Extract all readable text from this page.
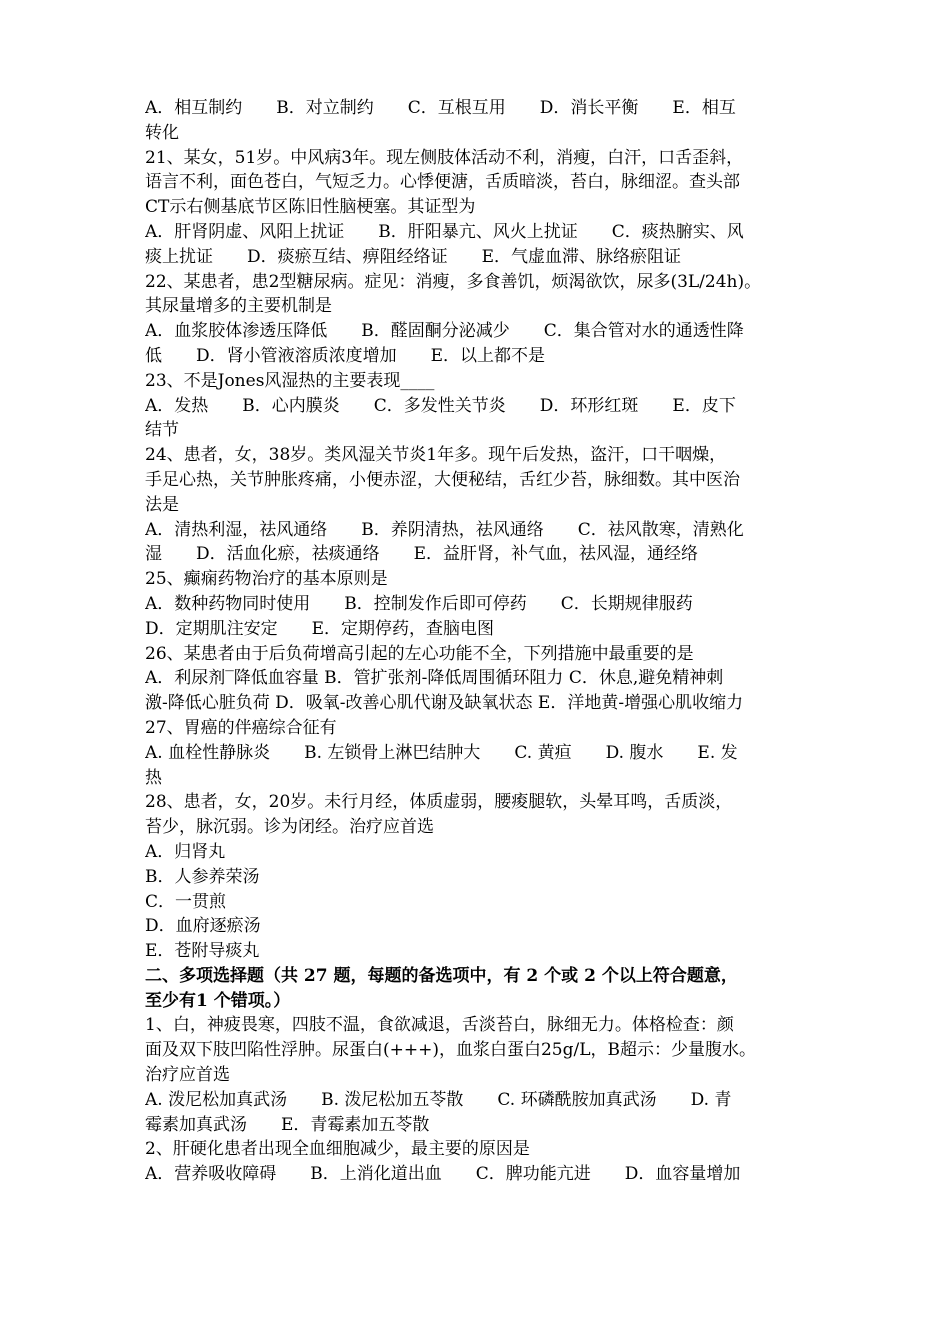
A．相互制约　　B．对立制约　　C．互根互用　　D．消长平衡　　E．相互
转化
21、某女，51岁。中风病3年。现左侧肢体活动不利，消瘦，白汗，口舌歪斜，
语言不利，面色苍白，气短乏力。心悸便溏，舌质暗淡，苔白，脉细涩。查头部
CT示右侧基底节区陈旧性脑梗塞。其证型为
A．肝肾阴虚、风阳上扰证　　B．肝阳暴亢、风火上扰证　　C．痰热腑实、风
痰上扰证　　D．痰瘀互结、痹阻经络证　　E．气虚血滞、脉络瘀阻证
22、某患者，患2型糖尿病。症见：消瘦，多食善饥，烦渴欲饮，尿多(3L/24h)。
其尿量增多的主要机制是
A．血浆胶体渗透压降低　　B．醛固酮分泌减少　　C．集合管对水的通透性降
低　　D．肾小管液溶质浓度增加　　E．以上都不是
23、不是Jones风湿热的主要表现____
A．发热　　B．心内膜炎　　C．多发性关节炎　　D．环形红斑　　E．皮下
结节
24、患者，女，38岁。类风湿关节炎1年多。现午后发热，盗汗，口干咽燥，
手足心热，关节肿胀疼痛，小便赤涩，大便秘结，舌红少苔，脉细数。其中医治
法是
A．清热利湿，祛风通络　　B．养阴清热，祛风通络　　C．祛风散寒，清熟化
湿　　D．活血化瘀，祛痰通络　　E．益肝肾，补气血，祛风湿，通经络
25、癫痫药物治疗的基本原则是
A．数种药物同时使用　　B．控制发作后即可停药　　C．长期规律服药
D．定期肌注安定　　E．定期停药，查脑电图
26、某患者由于后负荷增高引起的左心功能不全，下列措施中最重要的是
A．利尿剂‾降低血容量 B．管扩张剂-降低周围循环阻力 C．休息,避免精神刺
激-降低心脏负荷 D．吸氧-改善心肌代谢及缺氧状态 E．洋地黄-增强心肌收缩力
27、胃癌的伴癌综合征有
A. 血栓性静脉炎　　B. 左锁骨上淋巴结肿大　　C. 黄疸　　D. 腹水　　E. 发
热
28、患者，女，20岁。未行月经，体质虚弱，腰痠腿软，头晕耳鸣，舌质淡，
苔少，脉沉弱。诊为闭经。治疗应首选
A．归肾丸
B．人参养荣汤
C．一贯煎
D．血府逐瘀汤
E．苍附导痰丸
二、多项选择题（共 27 题，每题的备选项中，有 2 个或 2 个以上符合题意，
至少有1 个错项。）
1、白，神疲畏寒，四肢不温，食欲减退，舌淡苔白，脉细无力。体格检查：颜
面及双下肢凹陷性浮肿。尿蛋白(+++)，血浆白蛋白25g/L，B超示：少量腹水。
治疗应首选
A. 泼尼松加真武汤　　B. 泼尼松加五苓散　　C. 环磷酰胺加真武汤　　D. 青
霉素加真武汤　　E．青霉素加五苓散
2、肝硬化患者出现全血细胞减少，最主要的原因是
A．营养吸收障碍　　B．上消化道出血　　C．脾功能亢进　　D．血容量增加
